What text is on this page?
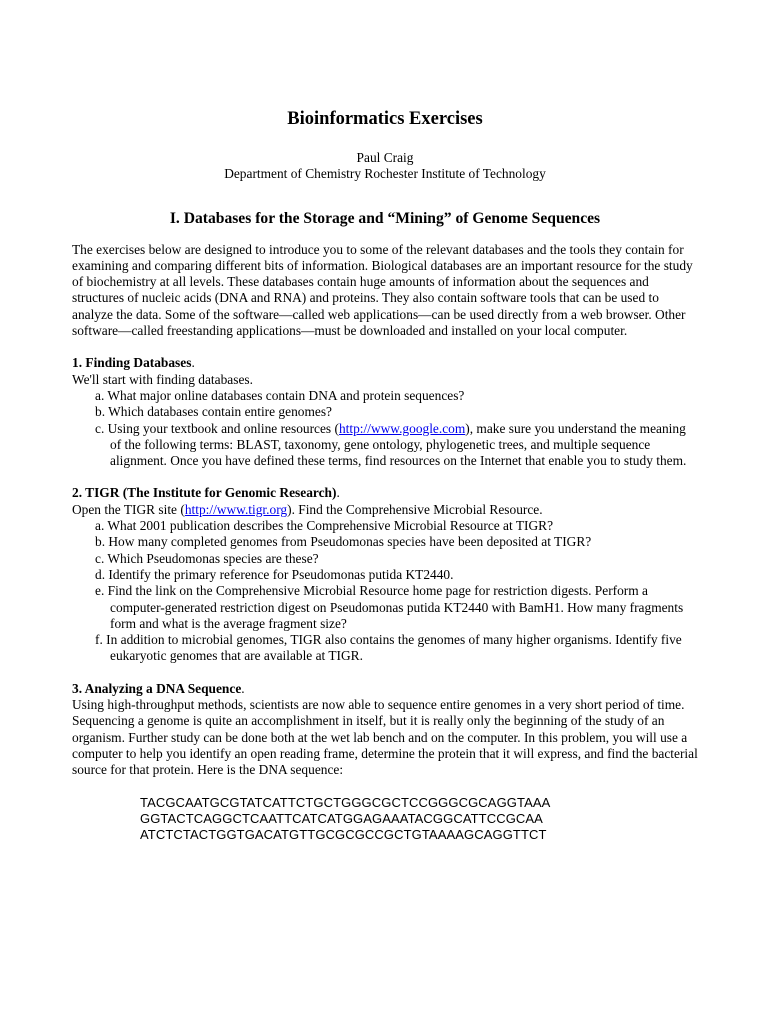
Bioinformatics Exercises

Paul Craig

Department of Chemistry Rochester Institute of Technology

I. Databases for the Storage and “Mining” of Genome Sequences

The exercises below are designed to introduce you to some of the relevant databases and the tools they contain for examining and comparing different bits of information. Biological databases are an important resource for the study of biochemistry at all levels. These databases contain huge amounts of information about the sequences and structures of nucleic acids (DNA and RNA) and proteins. They also contain software tools that can be used to analyze the data. Some of the software—called web applications—can be used directly from a web browser. Other software—called freestanding applications—must be downloaded and installed on your local computer.

1. Finding Databases.

We'll start with finding databases.

a. What major online databases contain DNA and protein sequences?

b. Which databases contain entire genomes?

c. Using your textbook and online resources (http://www.google.com), make sure you understand the meaning of the following terms: BLAST, taxonomy, gene ontology, phylogenetic trees, and multiple sequence alignment. Once you have defined these terms, find resources on the Internet that enable you to study them.

2. TIGR (The Institute for Genomic Research).

Open the TIGR site (http://www.tigr.org). Find the Comprehensive Microbial Resource.

a. What 2001 publication describes the Comprehensive Microbial Resource at TIGR?

b. How many completed genomes from Pseudomonas species have been deposited at TIGR?

c. Which Pseudomonas species are these?

d. Identify the primary reference for Pseudomonas putida KT2440.

e. Find the link on the Comprehensive Microbial Resource home page for restriction digests. Perform a computer-generated restriction digest on Pseudomonas putida KT2440 with BamH1. How many fragments form and what is the average fragment size?

f. In addition to microbial genomes, TIGR also contains the genomes of many higher organisms. Identify five eukaryotic genomes that are available at TIGR.

3. Analyzing a DNA Sequence.

Using high-throughput methods, scientists are now able to sequence entire genomes in a very short period of time. Sequencing a genome is quite an accomplishment in itself, but it is really only the beginning of the study of an organism. Further study can be done both at the wet lab bench and on the computer. In this problem, you will use a computer to help you identify an open reading frame, determine the protein that it will express, and find the bacterial source for that protein. Here is the DNA sequence:

TACGCAATGCGTATCATTCTGCTGGGCGCTCCGGGCGCAGGTAAA
GGTACTCAGGCTCAATTCATCATGGAGAAATACGGCATTCCGCAA
ATCTCTACTGGTGACATGTTGCGCGCCGCTGTAAAAGCAGGTTCT
